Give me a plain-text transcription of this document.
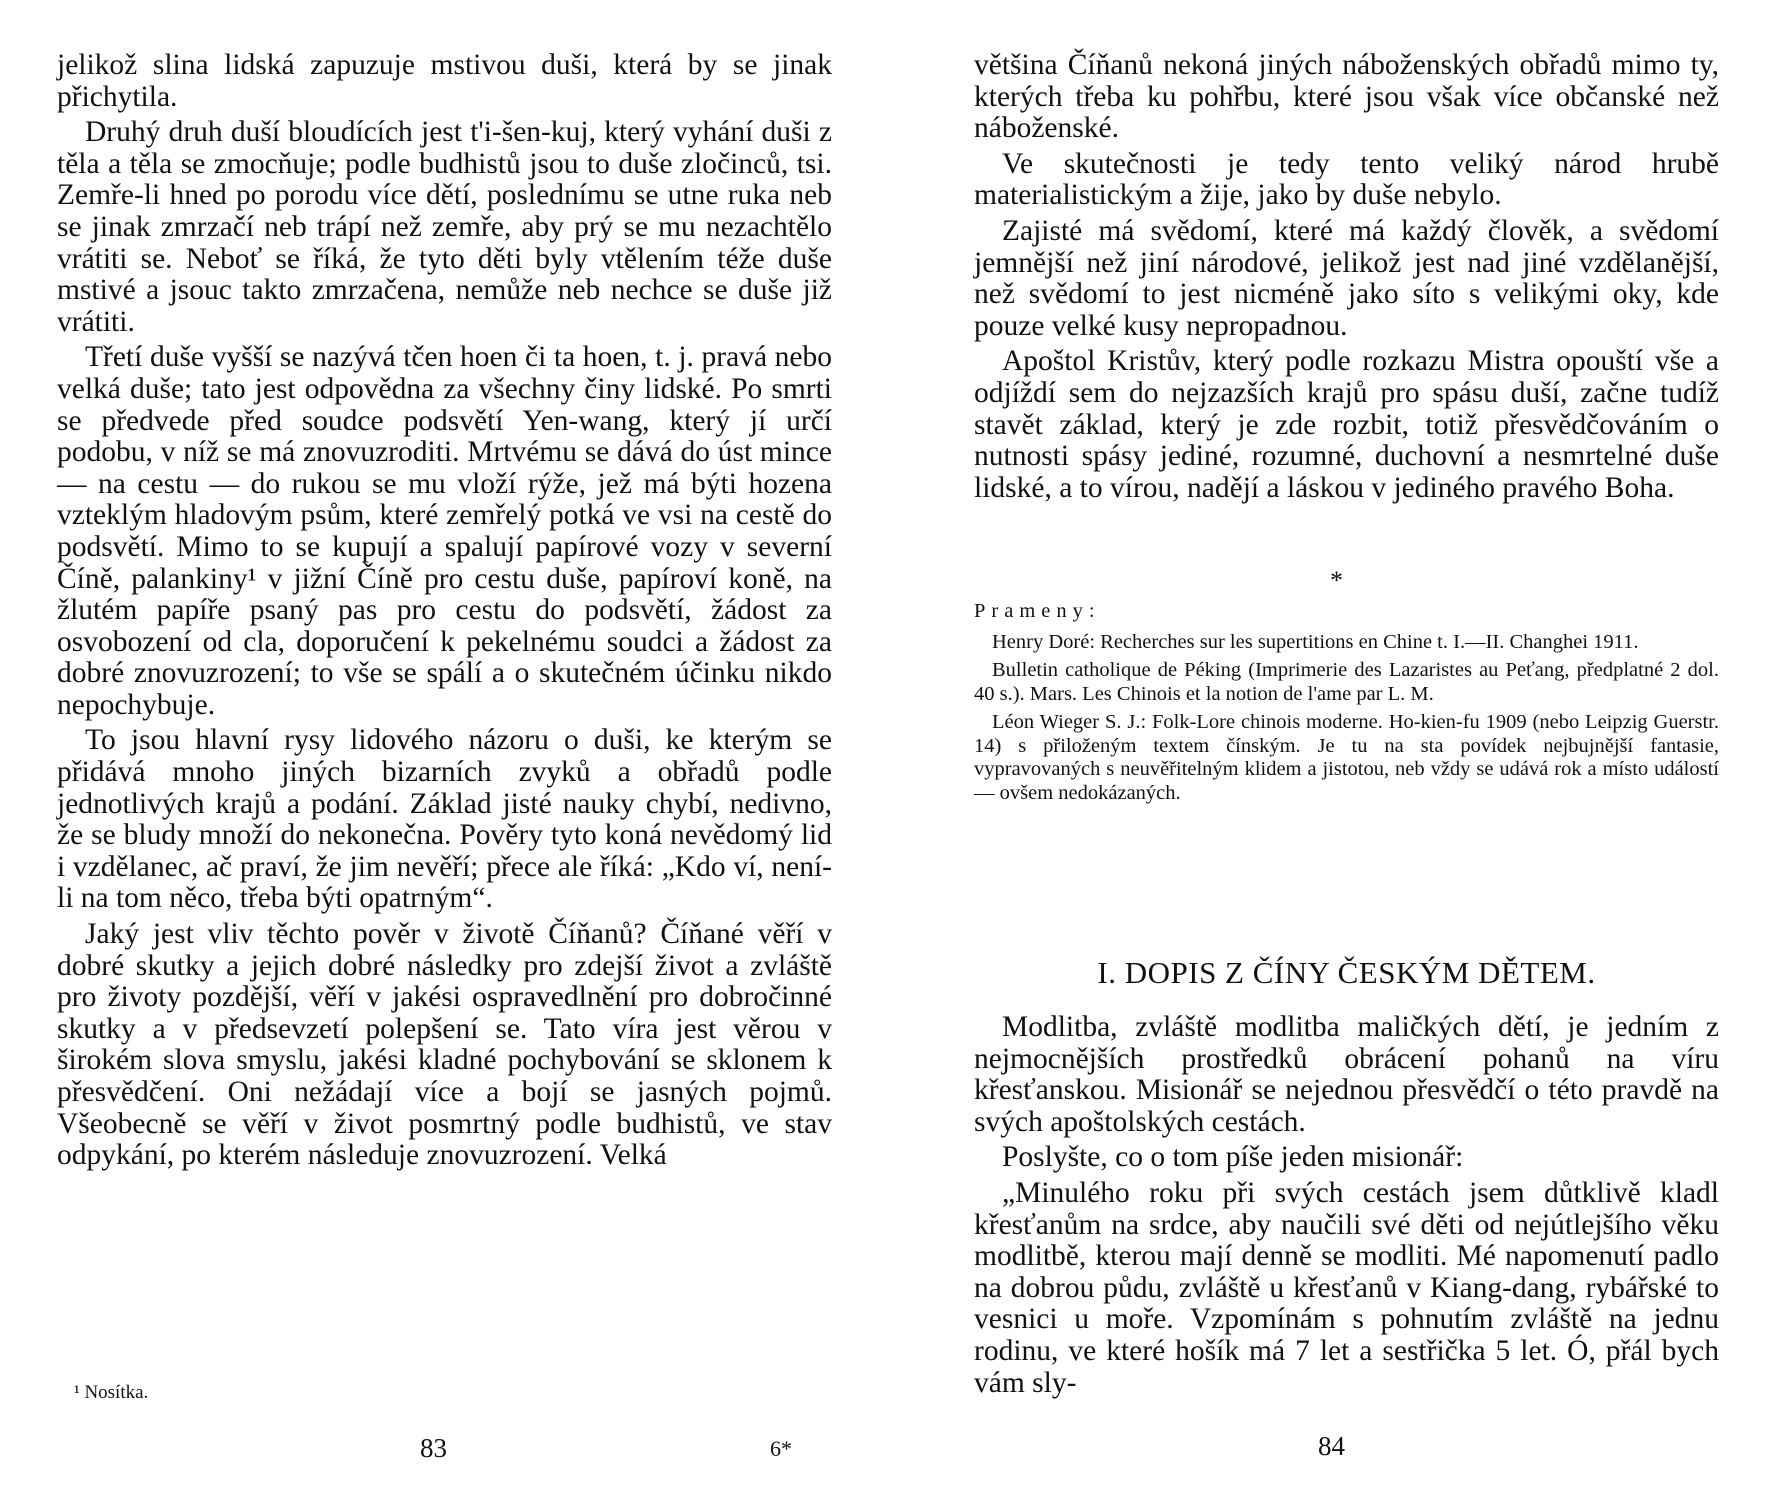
jelikož slina lidská zapuzuje mstivou duši, která by se jinak přichytila.

Druhý druh duší bloudících jest t'i-šen-kuj, který vyhání duši z těla a těla se zmocňuje; podle budhistů jsou to duše zločinců, tsi. Zemře-li hned po porodu více dětí, poslednímu se utne ruka neb se jinak zmrzačí neb trápí než zemře, aby prý se mu nezachtělo vrátiti se. Neboť se říká, že tyto děti byly vtělením téže duše mstivé a jsouc takto zmrzačena, nemůže neb nechce se duše již vrátiti.

Třetí duše vyšší se nazývá tčen hoen či ta hoen, t. j. pravá nebo velká duše; tato jest odpovědna za všechny činy lidské. Po smrti se předvede před soudce podsvětí Yen-wang, který jí určí podobu, v níž se má znovuzroditi. Mrtvému se dává do úst mince — na cestu — do rukou se mu vloží rýže, jež má býti hozena vzteklým hladovým psům, které zemřelý potká ve vsi na cestě do podsvětí. Mimo to se kupují a spalují papírové vozy v severní Číně, palankiny¹ v jižní Číně pro cestu duše, papíroví koně, na žlutém papíře psaný pas pro cestu do podsvětí, žádost za osvobození od cla, doporučení k pekelnému soudci a žádost za dobré znovuzrození; to vše se spálí a o skutečném účinku nikdo nepochybuje.

To jsou hlavní rysy lidového názoru o duši, ke kterým se přidává mnoho jiných bizarních zvyků a obřadů podle jednotlivých krajů a podání. Základ jisté nauky chybí, nedivno, že se bludy množí do nekonečna. Pověry tyto koná nevědomý lid i vzdělanec, ač praví, že jim nevěří; přece ale říká: „Kdo ví, není-li na tom něco, třeba býti opatrným“.

Jaký jest vliv těchto pověr v životě Číňanů? Číňané věří v dobré skutky a jejich dobré následky pro zdejší život a zvláště pro životy pozdější, věří v jakési ospravedlnění pro dobročinné skutky a v předsevzetí polepšení se. Tato víra jest věrou v širokém slova smyslu, jakési kladné pochybování se sklonem k přesvědčení. Oni nežádají více a bojí se jasných pojmů. Všeobecně se věří v život posmrtný podle budhistů, ve stav odpykání, po kterém následuje znovuzrození. Velká

¹ Nosítka.
83	6*

většina Číňanů nekoná jiných náboženských obřadů mimo ty, kterých třeba ku pohřbu, které jsou však více občanské než náboženské.

Ve skutečnosti je tedy tento veliký národ hrubě materialistickým a žije, jako by duše nebylo.

Zajisté má svědomí, které má každý člověk, a svědomí jemnější než jiní národové, jelikož jest nad jiné vzdělanější, než svědomí to jest nicméně jako síto s velikými oky, kde pouze velké kusy nepropadnou.

Apoštol Kristův, který podle rozkazu Mistra opouští vše a odjíždí sem do nejzazších krajů pro spásu duší, začne tudíž stavět základ, který je zde rozbit, totiž přesvědčováním o nutnosti spásy jediné, rozumné, duchovní a nesmrtelné duše lidské, a to vírou, nadějí a láskou v jediného pravého Boha.

*
Prameny:

Henry Doré: Recherches sur les supertitions en Chine t. I.—II. Changhei 1911.

Bulletin catholique de Péking (Imprimerie des Lazaristes au Peťang, předplatné 2 dol. 40 s.). Mars. Les Chinois et la notion de l'ame par L. M.

Léon Wieger S. J.: Folk-Lore chinois moderne. Ho-kien-fu 1909 (nebo Leipzig Guerstr. 14) s přiloženým textem čínským. Je tu na sta povídek nejbujnější fantasie, vypravovaných s neuvěřitelným klidem a jistotou, neb vždy se udává rok a místo událostí — ovšem nedokázaných.

I. DOPIS Z ČÍNY ČESKÝM DĚTEM.

Modlitba, zvláště modlitba maličkých dětí, je jedním z nejmocnějších prostředků obrácení pohanů na víru křesťanskou. Misionář se nejednou přesvědčí o této pravdě na svých apoštolských cestách.

Poslyšte, co o tom píše jeden misionář:

„Minulého roku při svých cestách jsem důtklivě kladl křesťanům na srdce, aby naučili své děti od nejútlejšího věku modlitbě, kterou mají denně se modliti. Mé napomenutí padlo na dobrou půdu, zvláště u křesťanů v Kiang-dang, rybářské to vesnici u moře. Vzpomínám s pohnutím zvláště na jednu rodinu, ve které hošík má 7 let a sestřička 5 let. Ó, přál bych vám sly-

84
